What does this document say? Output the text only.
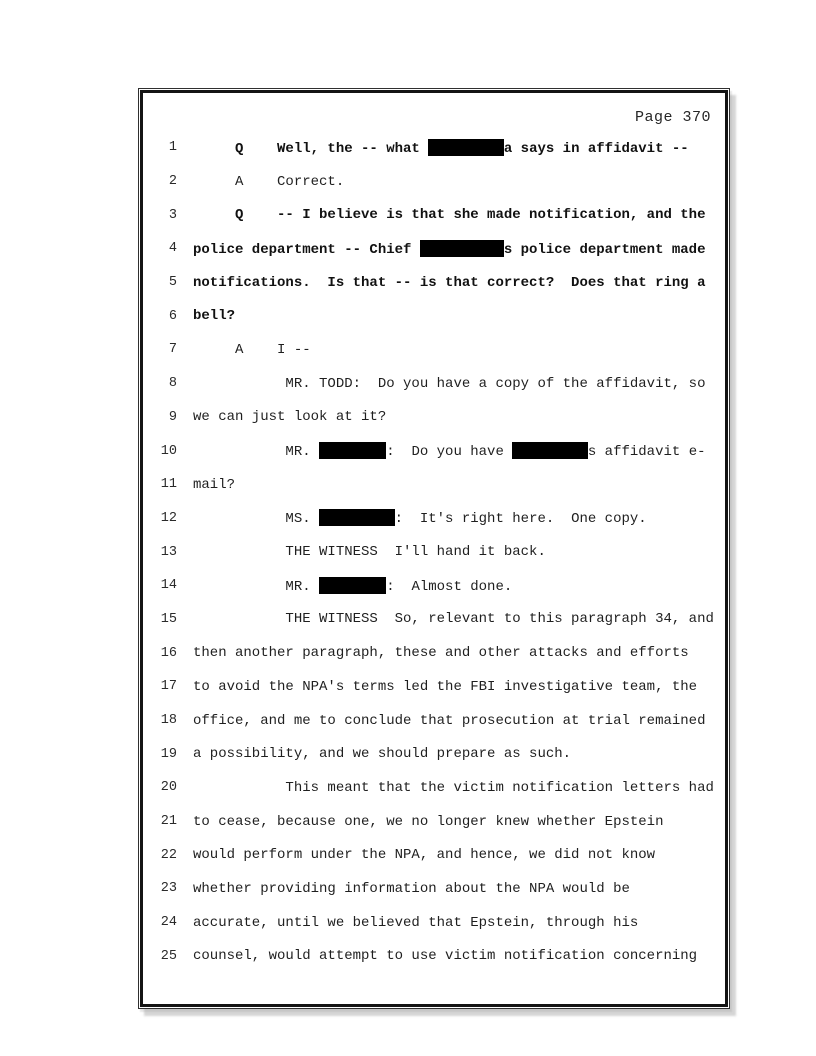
Page 370
1 Q    Well, the -- what	a says in affidavit --
2 A    Correct.
3 Q    -- I believe is that she made notification, and the
4 police department -- Chief	s police department made
5 notifications.  Is that -- is that correct?  Does that ring a
6 bell?
7 A    I --
8 MR. TODD:  Do you have a copy of the affidavit, so
9 we can just look at it?
10 MR.	:  Do you have	s affidavit e-
11 mail?
12 MS.	:  It's right here.  One copy.
13 THE WITNESS  I'll hand it back.
14 MR.	:  Almost done.
15 THE WITNESS  So, relevant to this paragraph 34, and
16 then another paragraph, these and other attacks and efforts
17 to avoid the NPA's terms led the FBI investigative team, the
18 office, and me to conclude that prosecution at trial remained
19 a possibility, and we should prepare as such.
20 This meant that the victim notification letters had
21 to cease, because one, we no longer knew whether Epstein
22 would perform under the NPA, and hence, we did not know
23 whether providing information about the NPA would be
24 accurate, until we believed that Epstein, through his
25 counsel, would attempt to use victim notification concerning
